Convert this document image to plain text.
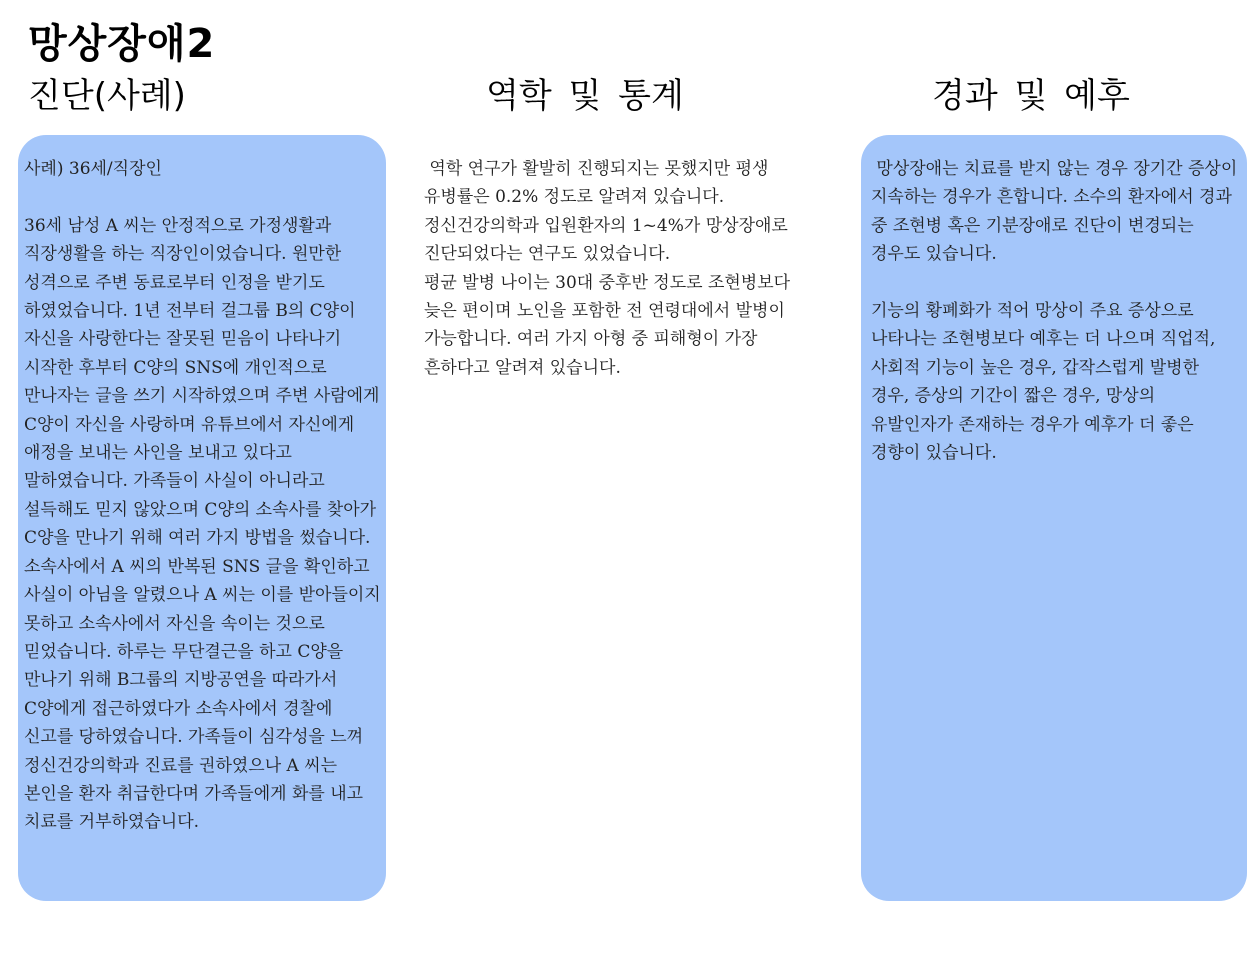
망상장애2
진단(사례)	역학 및 통계	경과 및 예후

사례) 36세/직장인

36세 남성 A 씨는 안정적으로 가정생활과 직장생활을 하는 직장인이었습니다. 원만한 성격으로 주변 동료로부터 인정을 받기도 하였었습니다. 1년 전부터 걸그룹 B의 C양이 자신을 사랑한다는 잘못된 믿음이 나타나기 시작한 후부터 C양의 SNS에 개인적으로 만나자는 글을 쓰기 시작하였으며 주변 사람에게 C양이 자신을 사랑하며 유튜브에서 자신에게 애정을 보내는 사인을 보내고 있다고 말하였습니다. 가족들이 사실이 아니라고 설득해도 믿지 않았으며 C양의 소속사를 찾아가 C양을 만나기 위해 여러 가지 방법을 썼습니다. 소속사에서 A 씨의 반복된 SNS 글을 확인하고 사실이 아님을 알렸으나 A 씨는 이를 받아들이지 못하고 소속사에서 자신을 속이는 것으로 믿었습니다. 하루는 무단결근을 하고 C양을 만나기 위해 B그룹의 지방공연을 따라가서 C양에게 접근하였다가 소속사에서 경찰에 신고를 당하였습니다. 가족들이 심각성을 느껴 정신건강의학과 진료를 권하였으나 A 씨는 본인을 환자 취급한다며 가족들에게 화를 내고 치료를 거부하였습니다.

역학 연구가 활발히 진행되지는 못했지만 평생 유병률은 0.2% 정도로 알려져 있습니다. 정신건강의학과 입원환자의 1~4%가 망상장애로 진단되었다는 연구도 있었습니다.
평균 발병 나이는 30대 중후반 정도로 조현병보다 늦은 편이며 노인을 포함한 전 연령대에서 발병이 가능합니다. 여러 가지 아형 중 피해형이 가장 흔하다고 알려져 있습니다.

망상장애는 치료를 받지 않는 경우 장기간 증상이 지속하는 경우가 흔합니다. 소수의 환자에서 경과 중 조현병 혹은 기분장애로 진단이 변경되는 경우도 있습니다.

기능의 황폐화가 적어 망상이 주요 증상으로 나타나는 조현병보다 예후는 더 나으며 직업적, 사회적 기능이 높은 경우, 갑작스럽게 발병한 경우, 증상의 기간이 짧은 경우, 망상의 유발인자가 존재하는 경우가 예후가 더 좋은 경향이 있습니다.
